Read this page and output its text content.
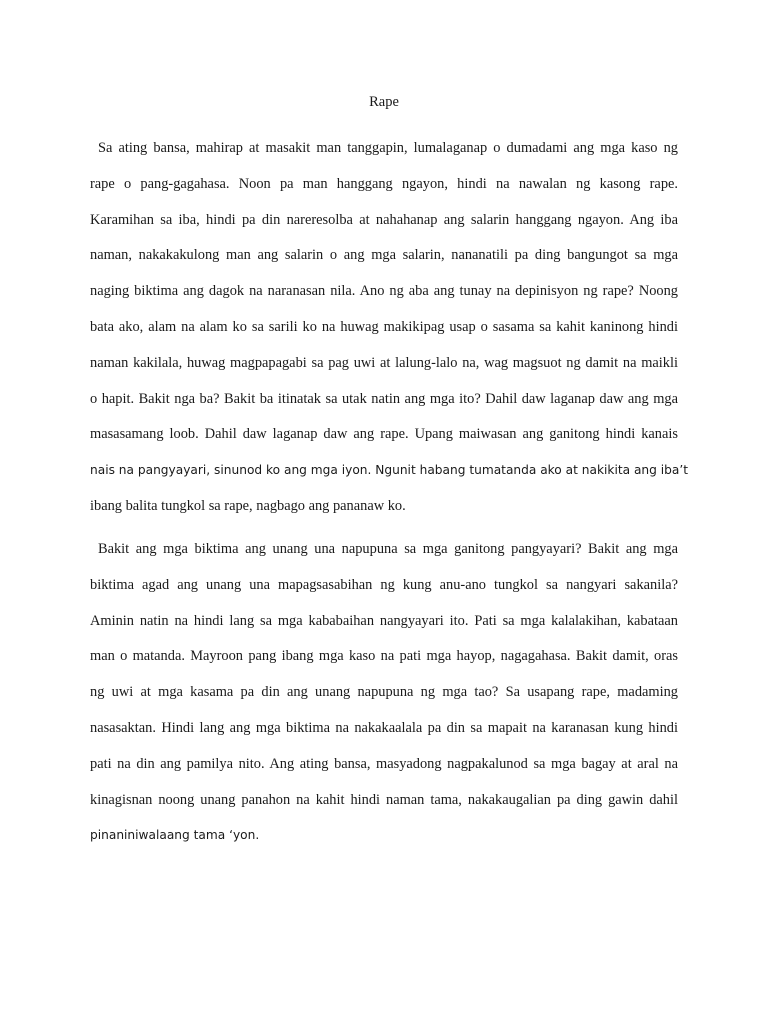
Rape

Sa ating bansa, mahirap at masakit man tanggapin, lumalaganap o dumadami ang mga kaso ng
rape o pang-gagahasa. Noon pa man hanggang ngayon, hindi na nawalan ng kasong rape.
Karamihan sa iba, hindi pa din nareresolba at nahahanap ang salarin hanggang ngayon. Ang iba
naman, nakakakulong man ang salarin o ang mga salarin, nananatili pa ding bangungot sa mga
naging biktima ang dagok na naranasan nila. Ano ng aba ang tunay na depinisyon ng rape? Noong
bata ako, alam na alam ko sa sarili ko na huwag makikipag usap o sasama sa kahit kaninong hindi
naman kakilala, huwag magpapagabi sa pag uwi at lalung-lalo na, wag magsuot ng damit na maikli
o hapit. Bakit nga ba? Bakit ba itinatak sa utak natin ang mga ito? Dahil daw laganap daw ang mga
masasamang loob. Dahil daw laganap daw ang rape. Upang maiwasan ang ganitong hindi kanais
nais na pangyayari, sinunod ko ang mga iyon. Ngunit habang tumatanda ako at nakikita ang iba’t
ibang balita tungkol sa rape, nagbago ang pananaw ko.

Bakit ang mga biktima ang unang una napupuna sa mga ganitong pangyayari? Bakit ang mga
biktima agad ang unang una mapagsasabihan ng kung anu-ano tungkol sa nangyari sakanila?
Aminin natin na hindi lang sa mga kababaihan nangyayari ito. Pati sa mga kalalakihan, kabataan
man o matanda. Mayroon pang ibang mga kaso na pati mga hayop, nagagahasa. Bakit damit, oras
ng uwi at mga kasama pa din ang unang napupuna ng mga tao? Sa usapang rape, madaming
nasasaktan. Hindi lang ang mga biktima na nakakaalala pa din sa mapait na karanasan kung hindi
pati na din ang pamilya nito. Ang ating bansa, masyadong nagpakalunod sa mga bagay at aral na
kinagisnan noong unang panahon na kahit hindi naman tama, nakakaugalian pa ding gawin dahil
pinaniniwalaang tama ‘yon.
